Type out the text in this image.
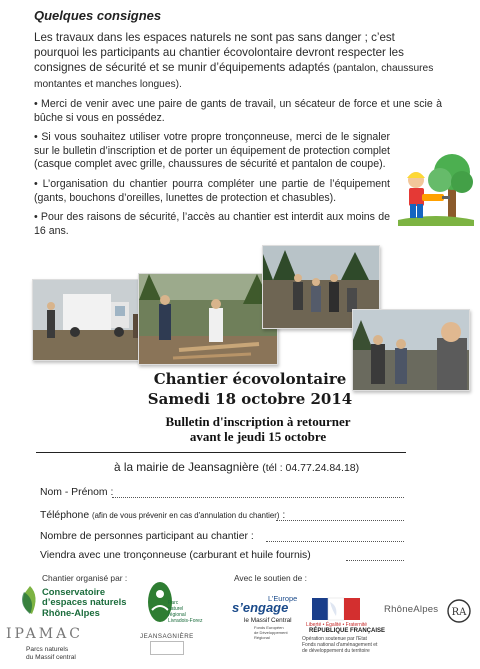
Quelques consignes

Les travaux dans les espaces naturels ne sont pas sans danger ; c’est pourquoi les participants au chantier écovolontaire devront respecter les consignes de sécurité et se munir d’équipements adaptés (pantalon, chaussures montantes et manches longues).

• Merci de venir avec une paire de gants de travail, un sécateur de force et une scie à bûche si vous en possédez.

• Si vous souhaitez utiliser votre propre tronçonneuse, merci de le signaler sur le bulletin d’inscription et de porter un équipement de protection complet (casque complet avec grille, chaussures de sécurité et pantalon de coupe).

• L’organisation du chantier pourra compléter une partie de l’équipement (gants, bouchons d’oreilles, lunettes de protection et chasubles).

• Pour des raisons de sécurité, l’accès au chantier est interdit aux moins de 16 ans.

Chantier écovolontaire
Samedi 18 octobre 2014
Bulletin d'inscription à retourner
avant le jeudi 15 octobre
à la mairie de Jeansagnière (tél : 04.77.24.84.18)
Nom - Prénom :
Téléphone (afin de vous prévenir en cas d'annulation du chantier) :
Nombre de personnes participant au chantier :
Viendra avec une tronçonneuse (carburant et huile fournis)
Chantier organisé par :	Avec le soutien de :
Conservatoire
d’espaces naturels
Rhône-Alpes
IPAMAC
Parcs naturels
du Massif central
Parc
naturel
régional
Livradois-Forez
JEANSAGNIÈRE
L’Europe
s’engage
le Massif Central
Fonds Européen
de Développement Régional
Liberté • Égalité • Fraternité
RÉPUBLIQUE FRANÇAISE
Opération soutenue par l'Etat Fonds national d'aménagement et de développement du territoire
RhôneAlpes RA
